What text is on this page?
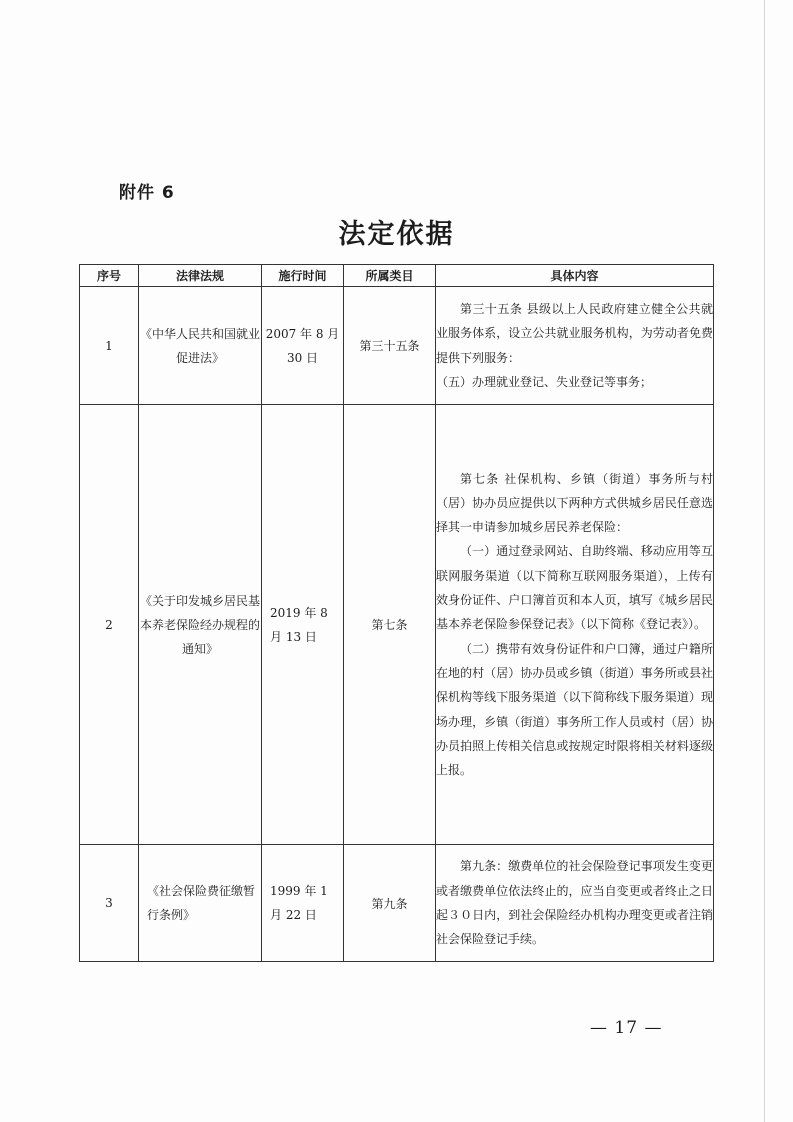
附件 6
法定依据
序号	法律法规	施行时间	所属类目	具体内容
1	《中华人民共和国就业促进法》	2007 年 8 月 30 日	第三十五条	第三十五条 县级以上人民政府建立健全公共就业服务体系，设立公共就业服务机构，为劳动者免费提供下列服务：

（五）办理就业登记、失业登记等事务；

2	《关于印发城乡居民基本养老保险经办规程的通知》	2019 年 8 月 13 日	第七条	第七条 社保机构、乡镇（街道）事务所与村（居）协办员应提供以下两种方式供城乡居民任意选择其一申请参加城乡居民养老保险：

（一）通过登录网站、自助终端、移动应用等互联网服务渠道（以下简称互联网服务渠道），上传有效身份证件、户口簿首页和本人页，填写《城乡居民基本养老保险参保登记表》（以下简称《登记表》）。

（二）携带有效身份证件和户口簿，通过户籍所在地的村（居）协办员或乡镇（街道）事务所或县社保机构等线下服务渠道（以下简称线下服务渠道）现场办理，乡镇（街道）事务所工作人员或村（居）协办员拍照上传相关信息或按规定时限将相关材料逐级上报。

3	《社会保险费征缴暂行条例》	1999 年 1 月 22 日	第九条	第九条：缴费单位的社会保险登记事项发生变更或者缴费单位依法终止的，应当自变更或者终止之日起３０日内，到社会保险经办机构办理变更或者注销社会保险登记手续。

— 17 —
